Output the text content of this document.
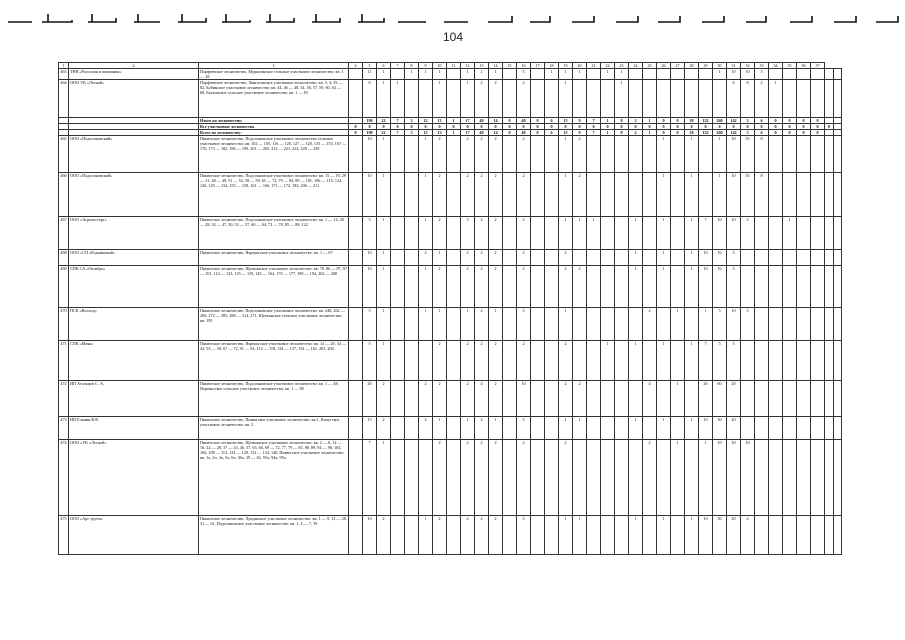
104
1	2	3	4	5	6	7	8	9	10	11	12	13	14	15	16	17	18	19	20	21	22	23	24	25	26	27	28	29	30	31	32	33	34	35	36	37		
463	ТНВ «Рассохин и компания»	Парфеевское лесничество, Мурыгинское сельское участковое лесничество: кв. 1 — 28		11	1		1	1	1		1	2	1		5		1	1	1		1	1							1	10	10	5						
464	ООО УК «Лесной»	Парфеевское лесничество, Лянгасовское участковое лесничество: кв. 3, 4, 35 — 82, Бобинское участковое лесничество: кв. 44, 46 — 48, 54, 56, 57, 59, 60, 63 — 68, Бахтинское сельское участковое лесничество: кв. 1 — 83		6	1	1			1		1	2	2		2			1				1								6	8	2	1					
		Итого по лесничеству:		190	22	7	3	12	13	1	17	40	14	0	40	0	6	15	9	7	1	8	2	1	9	0	38	122	260	142	3	6	0	0	0	0		
		Все участковые лесничества	0	0	0	0	0	0	0	0	0	0	0	0	0	0	0	0	0	0	0	0	0	0	0	0	0	0	0	0	0	0	0	0	0	0	0	
		Всего по лесничеству:	0	190	22	7	3	12	13	1	17	40	14	0	40	0	6	15	9	7	1	8	2	1	9	0	38	122	260	142	3	6	0	0	0	0		
465	ООО «Подосиновский»	Пинюгское лесничество, Подосиновское участковое лесничество сельское участковое лесничество: кв. 102 — 105, 116 — 120, 127 — 128, 135 — 153, 167 — 170, 173 — 182, 186 — 199, 201 — 205, 212 — 221, 224, 228 — 230		10	1			1	2		2	2	2		2			1	2						1		1		1	10	35	8						
466	ООО «Подосиновский»	Пинюгское лесничество, Подосиновское участковое лесничество: кв. 15 — 19, 29 — 31, 48 — 49, 51 — 52, 58 — 59, 65 — 72, 79 — 84, 89 — 101, 106 — 115, 124, 126, 129 — 134, 155 — 158, 161 — 166, 171 — 172, 183, 206 — 211		10	1			1	2		2	2	2		2			1	2						1		1		1	10	35	8						
467	ООО «Агролесторг»	Пинюгское лесничество, Подосиновское участковое лесничество: кв. 1 — 14, 20 — 28, 32 — 47, 50, 53 — 57, 60 — 64, 73 — 78, 85 — 88, 122		5	1			1	2		3	2	2		2			1	1	1			1		1		1	7	10	10	2			1				
468	ООО «СП «Родниковый»	Пинюгское лесничество, Яхреньгское участковое лесничество: кв. 1 — 67		10	1			2	1		2	2	2		2			2					1		1		1	10	10	5								
469	СПК СА «Октябрь»	Пинюгское лесничество, Щеткинское участковое лесничество: кв. 78, 86 — 87, 97 — 101, 114 — 123, 135 — 139, 145 — 164, 170 — 177, 188 — 194, 202 — 208		10	1			1	2		2	2	2		2			2	2				1		1		1	10	10	5								
470	ПСК «Восход»	Пинюгское лесничество, Подосиновское участковое лесничество: кв. 248, 262 — 266, 272 — 285, 288 — 314, 271, Щеткинское сельское участковое лесничество: кв. 195		5	1			1	1		1	2	1		5			1						2		1		1	5	10	5							
471	СПК «Маяк»	Пинюгское лесничество, Яхреньгское участковое лесничество: кв. 14 — 20, 34 — 42, 53 — 59, 67 — 72, 91 — 94, 112 — 118, 134 — 137, 154 — 161, 203, 204		5	1				2		2	2	2		2			2			1		1		1		1	7	5	5								
472	ИП Агальцов С. А.	Пинюгское лесничество, Подосиновское участковое лесничество: кв. 1 — 48, Яхреньгское сельское участковое лесничество: кв. 1 — 88		20	2			2	2		2	4	2		10			2	2					4		1		26	60	20								
473	ИП Ельнин В.В.	Пинюгское лесничество, Пинюгское участковое лесничество: кв.1, Кичугское участковое лесничество: кв. 2		15	2			2	1		1	2	1		5			1	1				1		1		1	10	30	20								
474	ООО «УК «Лесной»	Пинюгское лесничество, Щеткинское участковое лесничество: кв. 2 — 6, 12 — 16, 22 — 28, 37 — 43, 46, 57, 65, 66, 69 — 72, 77, 79 — 85, 88, 89, 94 — 96, 104, 106, 108 — 113, 124 — 129, 132 — 134, 140, Пинюгское участковое лесничество: кв. 1ч, 2ч, 4ч, 5ч, 6ч, 36ч, 29 — 26, 93ч, 94ч, 95ч		7	1				2		2	2	2		2			2						2		1		1	10	10	10							
475	ООО «Арс-групп»	Пинюгское лесничество, Лунданское участковое лесничество: кв. 1 — 9, 12 — 28, 31 — 61, Подосиновское участковое лесничество: кв. 1, 4 — 7, 39		10	2			1	2		2	2	2		5			1	1				1		1		1	10	30	20	2							
